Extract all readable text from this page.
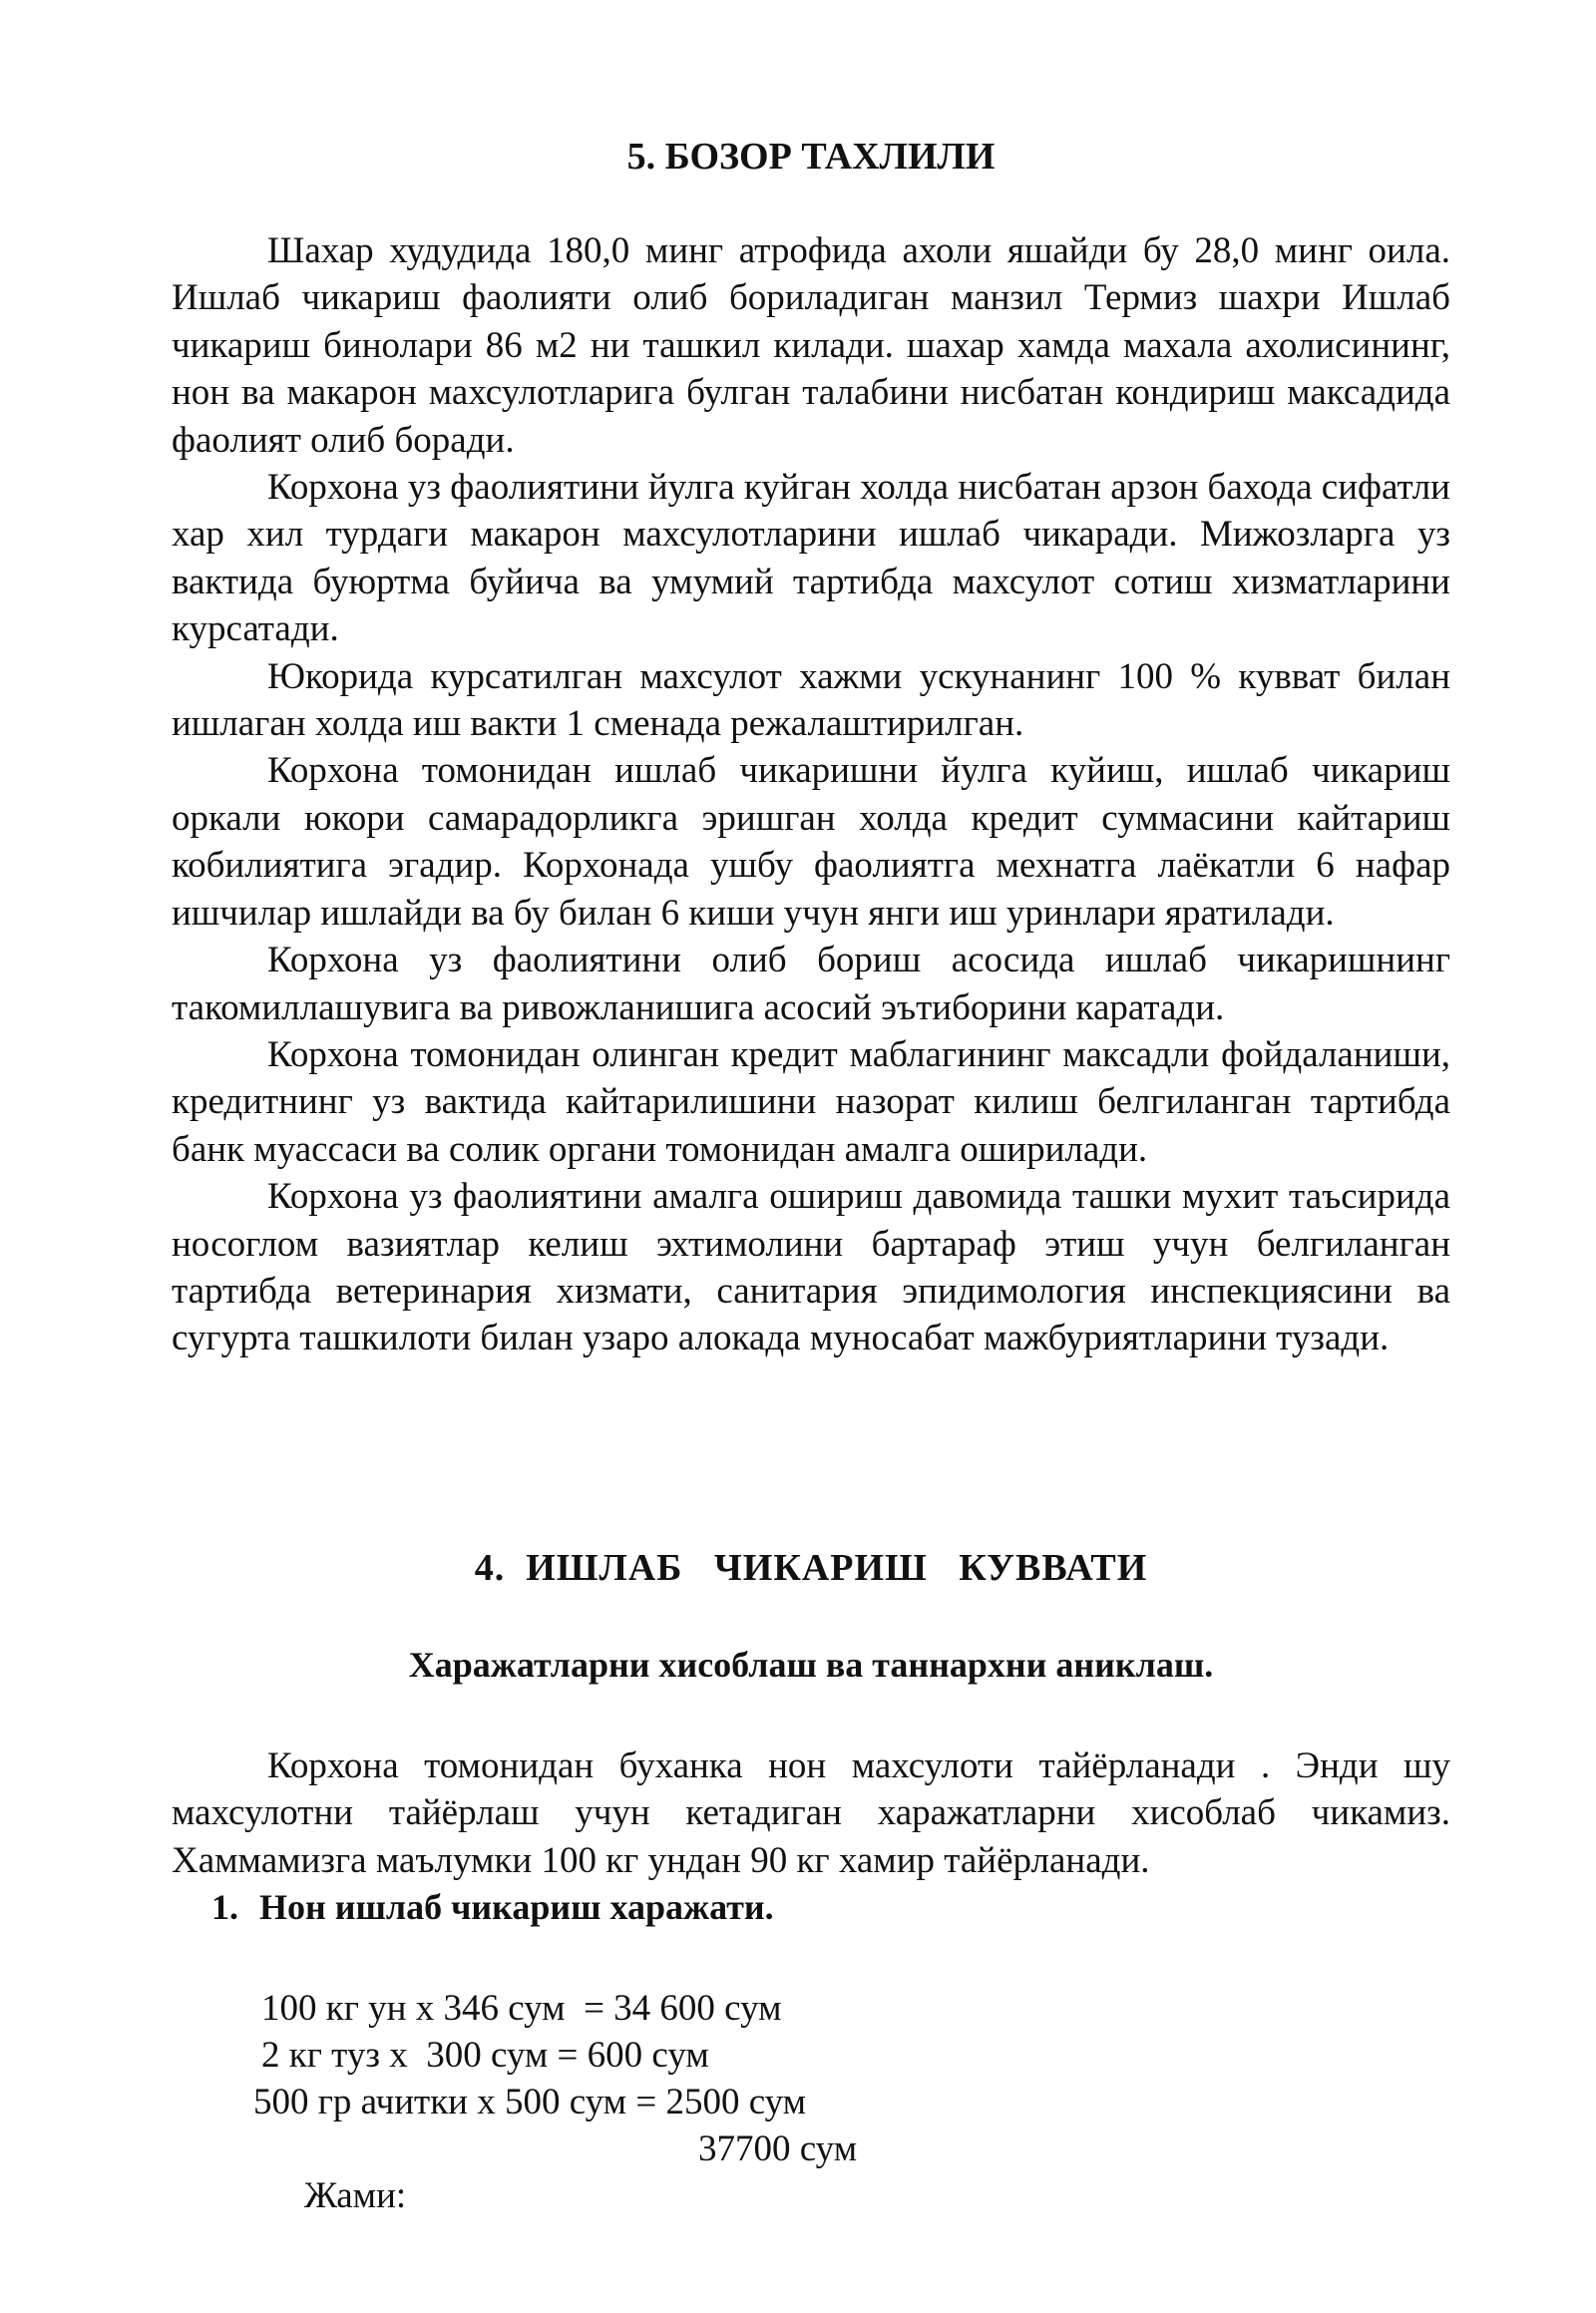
5. БОЗОР ТАХЛИЛИ

Шахар худудида 180,0 минг атрофида ахоли яшайди бу 28,0 минг оила. Ишлаб чикариш фаолияти олиб бориладиган манзил Термиз шахри Ишлаб чикариш бинолари 86 м2 ни ташкил килади. шахар хамда махала ахолисининг, нон ва макарон махсулотларига булган талабини нисбатан кондириш максадида фаолият олиб боради.

Корхона уз фаолиятини йулга куйган холда нисбатан арзон бахода сифатли хар хил турдаги макарон махсулотларини ишлаб чикаради. Мижозларга уз вактида буюртма буйича ва умумий тартибда махсулот сотиш хизматларини курсатади.

Юкорида курсатилган махсулот хажми ускунанинг 100 % кувват билан ишлаган холда иш вакти 1 сменада режалаштирилган.

Корхона томонидан ишлаб чикаришни йулга куйиш, ишлаб чикариш оркали юкори самарадорликга эришган холда кредит суммасини кайтариш кобилиятига эгадир. Корхонада ушбу фаолиятга мехнатга лаёкатли 6 нафар ишчилар ишлайди ва бу билан 6 киши учун янги иш уринлари яратилади.

Корхона уз фаолиятини олиб бориш асосида ишлаб чикаришнинг такомиллашувига ва ривожланишига асосий эътиборини каратади.

Корхона томонидан олинган кредит маблагининг максадли фойдаланиши, кредитнинг уз вактида кайтарилишини назорат килиш белгиланган тартибда банк муассаси ва солик органи томонидан амалга оширилади.

Корхона уз фаолиятини амалга ошириш давомида ташки мухит таъсирида носоглом вазиятлар келиш эхтимолини бартараф этиш учун белгиланган тартибда ветеринария хизмати, санитария эпидимология инспекциясини ва сугурта ташкилоти билан узаро алокада муносабат мажбуриятларини тузади.

4.  ИШЛАБ   ЧИКАРИШ   КУВВАТИ
Харажатларни хисоблаш ва таннархни аниклаш.

Корхона томонидан буханка нон махсулоти тайёрланади . Энди шу махсулотни тайёрлаш учун кетадиган харажатларни хисоблаб чикамиз. Хаммамизга маълумки 100 кг ундан 90 кг хамир тайёрланади.

1. Нон ишлаб чикариш харажати.
100 кг ун х 346 сум  = 34 600 сум
2 кг туз х  300 сум = 600 сум
500 гр ачитки х 500 сум = 2500 сум

Жами:

37700 сум
